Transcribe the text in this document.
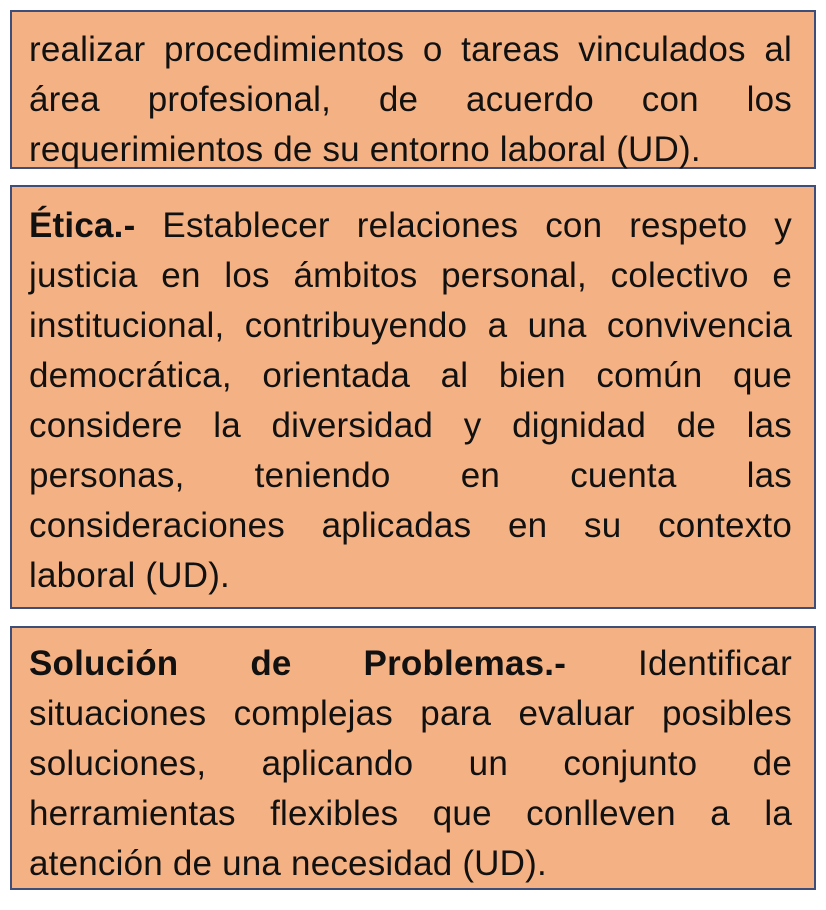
realizar procedimientos o tareas vinculados al área profesional, de acuerdo con los requerimientos de su entorno laboral (UD).

Ética.- Establecer relaciones con respeto y justicia en los ámbitos personal, colectivo e institucional, contribuyendo a una convivencia democrática, orientada al bien común que considere la diversidad y dignidad de las personas, teniendo en cuenta las consideraciones aplicadas en su contexto laboral (UD).

Solución de Problemas.- Identificar situaciones complejas para evaluar posibles soluciones, aplicando un conjunto de herramientas flexibles que conlleven a la atención de una necesidad (UD).
